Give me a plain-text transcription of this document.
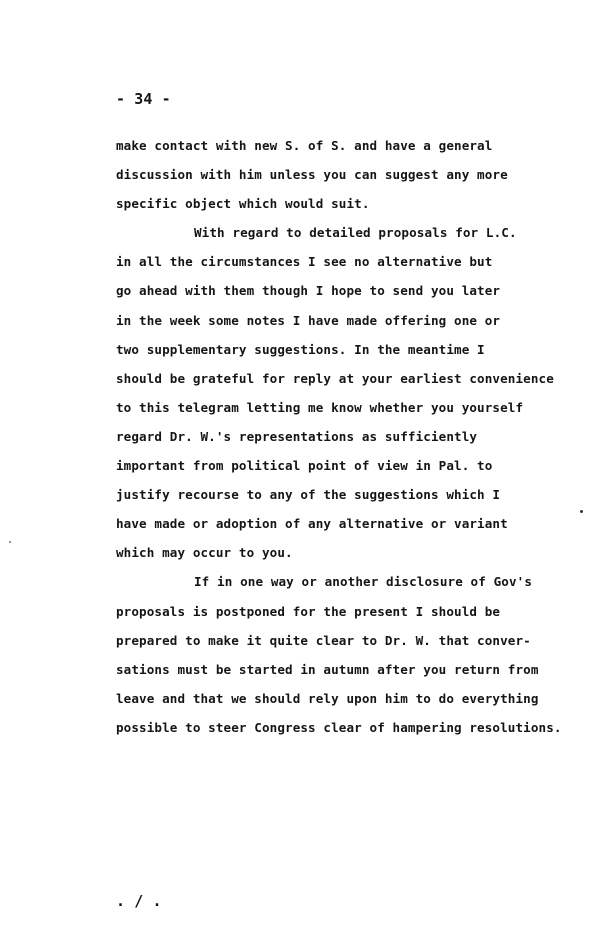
- 34 -
make contact with new S. of S. and have a general
discussion with him unless you can suggest any more
specific object which would suit.
With regard to detailed proposals for L.C.
in all the circumstances I see no alternative but
go ahead with them though I hope to send you later
in the week some notes I have made offering one or
two supplementary suggestions. In the meantime I
should be grateful for reply at your earliest convenience
to this telegram letting me know whether you yourself
regard Dr. W.'s representations as sufficiently
important from political point of view in Pal. to
justify recourse to any of the suggestions which I
have made or adoption of any alternative or variant
which may occur to you.
If in one way or another disclosure of Gov's
proposals is postponed for the present I should be
prepared to make it quite clear to Dr. W. that conver-
sations must be started in autumn after you return from
leave and that we should rely upon him to do everything
possible to steer Congress clear of hampering resolutions.
. / .
